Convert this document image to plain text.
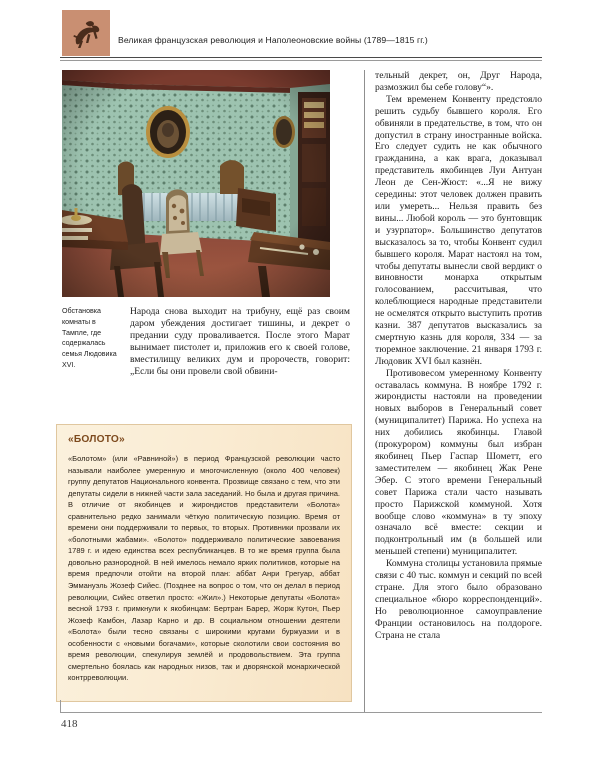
Великая французская революция и Наполеоновские войны (1789—1815 гг.)
Обстановка комнаты в Тампле, где содержалась семья Людовика XVI.

Народа снова выходит на трибуну, ещё раз своим даром убеждения достигает тишины, и декрет о предании суду проваливается. После этого Марат вынимает пистолет и, приложив его к своей голове, вместилищу великих дум и пророчеств, говорит: „Если бы они провели свой обвини-

«БОЛОТО»

«Болотом» (или «Равниной») в период Французской революции часто называли наиболее умеренную и многочисленную (около 400 человек) группу депутатов Национального конвента. Прозвище связано с тем, что эти депутаты сидели в нижней части зала заседаний. Но была и другая причина. В отличие от якобинцев и жирондистов представители «Болота» сравнительно редко занимали чёткую политическую позицию. Время от времени они поддерживали то первых, то вторых. Противники прозвали их «болотными жабами». «Болото» поддерживало политические завоевания 1789 г. и идею единства всех республиканцев. В то же время группа была довольно разнородной. В ней имелось немало ярких политиков, которые на время предпочли отойти на второй план: аббат Анри Грегуар, аббат Эммануэль Жозеф Сийес. (Позднее на вопрос о том, что он делал в период революции, Сийес ответил просто: «Жил».) Некоторые депутаты «Болота» весной 1793 г. примкнули к якобинцам: Бертран Барер, Жорж Кутон, Пьер Жозеф Камбон, Лазар Карно и др. В социальном отношении деятели «Болота» были тесно связаны с широкими кругами буржуазии и в особенности с «новыми богачами», которые сколотили свои состояния во время революции, спекулируя землёй и продовольствием. Эта группа смертельно боялась как народных низов, так и дворянской монархической контрреволюции.

тельный декрет, он, Друг Народа, размозжил бы себе голову“».

Тем временем Конвенту предстояло решить судьбу бывшего короля. Его обвиняли в предательстве, в том, что он допустил в страну иностранные войска. Его следует судить не как обычного гражданина, а как врага, доказывал представитель якобинцев Луи Антуан Леон де Сен-Жюст: «...Я не вижу середины: этот человек должен править или умереть... Нельзя править без вины... Любой король — это бунтовщик и узурпатор». Большинство депутатов высказалось за то, чтобы Конвент судил бывшего короля. Марат настоял на том, чтобы депутаты вынесли свой вердикт о виновности монарха открытым голосованием, рассчитывая, что колеблющиеся народные представители не осмелятся открыто выступить против казни. 387 депутатов высказались за смертную казнь для короля, 334 — за тюремное заключение. 21 января 1793 г. Людовик XVI был казнён.

Противовесом умеренному Конвенту оставалась коммуна. В ноябре 1792 г. жирондисты настояли на проведении новых выборов в Генеральный совет (муниципалитет) Парижа. Но успеха на них добились якобинцы. Главой (прокурором) коммуны был избран якобинец Пьер Гаспар Шометт, его заместителем — якобинец Жак Рене Эбер. С этого времени Генеральный совет Парижа стали часто называть просто Парижской коммуной. Хотя вообще слово «коммуна» в ту эпоху означало всё вместе: секции и подконтрольный им (в большей или меньшей степени) муниципалитет.

Коммуна столицы установила прямые связи с 40 тыс. коммун и секций по всей стране. Для этого было образовано специальное «бюро корреспонденций». Но революционное самоуправление Франции остановилось на полдороге. Страна не стала

418
